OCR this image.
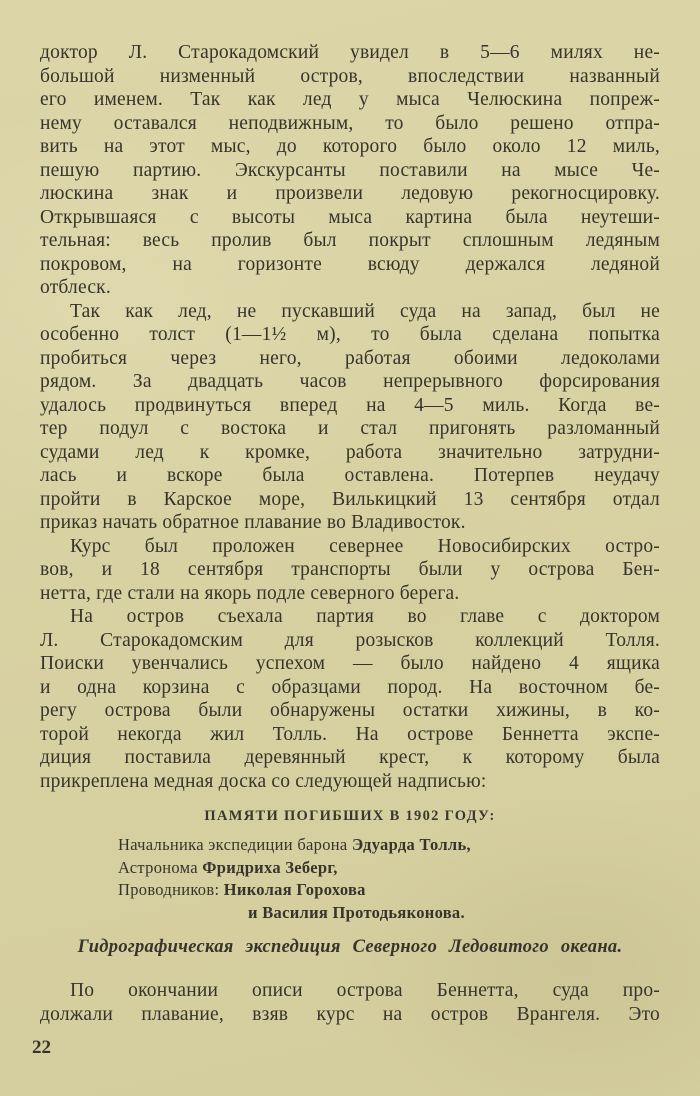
доктор Л. Старокадомский увидел в 5—6 милях не-
большой низменный остров, впоследствии названный
его именем. Так как лед у мыса Челюскина попреж-
нему оставался неподвижным, то было решено отпра-
вить на этот мыс, до которого было около 12 миль,
пешую партию. Экскурсанты поставили на мысе Че-
люскина знак и произвели ледовую рекогносцировку.
Открывшаяся с высоты мыса картина была неутеши-
тельная: весь пролив был покрыт сплошным ледяным
покровом, на горизонте всюду держался ледяной
отблеск.
Так как лед, не пускавший суда на запад, был не
особенно толст (1—1½ м), то была сделана попытка
пробиться через него, работая обоими ледоколами
рядом. За двадцать часов непрерывного форсирования
удалось продвинуться вперед на 4—5 миль. Когда ве-
тер подул с востока и стал пригонять разломанный
судами лед к кромке, работа значительно затрудни-
лась и вскоре была оставлена. Потерпев неудачу
пройти в Карское море, Вилькицкий 13 сентября отдал
приказ начать обратное плавание во Владивосток.
Курс был проложен севернее Новосибирских остро-
вов, и 18 сентября транспорты были у острова Бен-
нетта, где стали на якорь подле северного берега.
На остров съехала партия во главе с доктором
Л. Старокадомским для розысков коллекций Толля.
Поиски увенчались успехом — было найдено 4 ящика
и одна корзина с образцами пород. На восточном бе-
регу острова были обнаружены остатки хижины, в ко-
торой некогда жил Толль. На острове Беннетта экспе-
диция поставила деревянный крест, к которому была
прикреплена медная доска со следующей надписью:
ПАМЯТИ ПОГИБШИХ В 1902 ГОДУ:
Начальника экспедиции барона Эдуарда Толль,
Астронома Фридриха Зеберг,
Проводников: Николая Горохова
и Василия Протодьяконова.
Гидрографическая экспедиция Северного Ледовитого океана.
По окончании описи острова Беннетта, суда про-
должали плавание, взяв курс на остров Врангеля. Это
22
